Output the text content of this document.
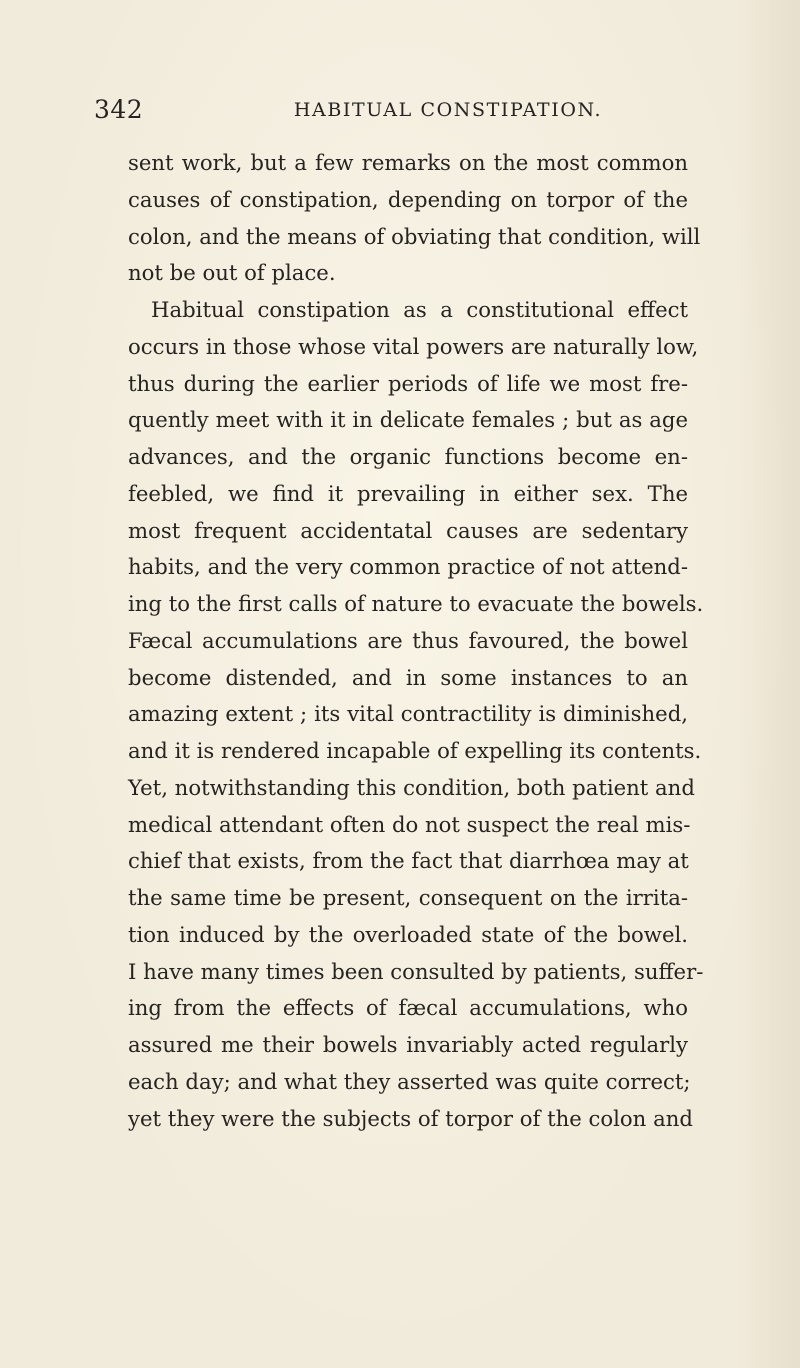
342	HABITUAL CONSTIPATION.
sent work, but a few remarks on the most common
causes of constipation, depending on torpor of the
colon, and the means of obviating that condition, will
not be out of place.
Habitual constipation as a constitutional effect
occurs in those whose vital powers are naturally low,
thus during the earlier periods of life we most fre-
quently meet with it in delicate females ; but as age
advances, and the organic functions become en-
feebled, we find it prevailing in either sex. The
most frequent accidentatal causes are sedentary
habits, and the very common practice of not attend-
ing to the first calls of nature to evacuate the bowels.
Fæcal accumulations are thus favoured, the bowel
become distended, and in some instances to an
amazing extent ; its vital contractility is diminished,
and it is rendered incapable of expelling its contents.
Yet, notwithstanding this condition, both patient and
medical attendant often do not suspect the real mis-
chief that exists, from the fact that diarrhœa may at
the same time be present, consequent on the irrita-
tion induced by the overloaded state of the bowel.
I have many times been consulted by patients, suffer-
ing from the effects of fæcal accumulations, who
assured me their bowels invariably acted regularly
each day; and what they asserted was quite correct;
yet they were the subjects of torpor of the colon and
